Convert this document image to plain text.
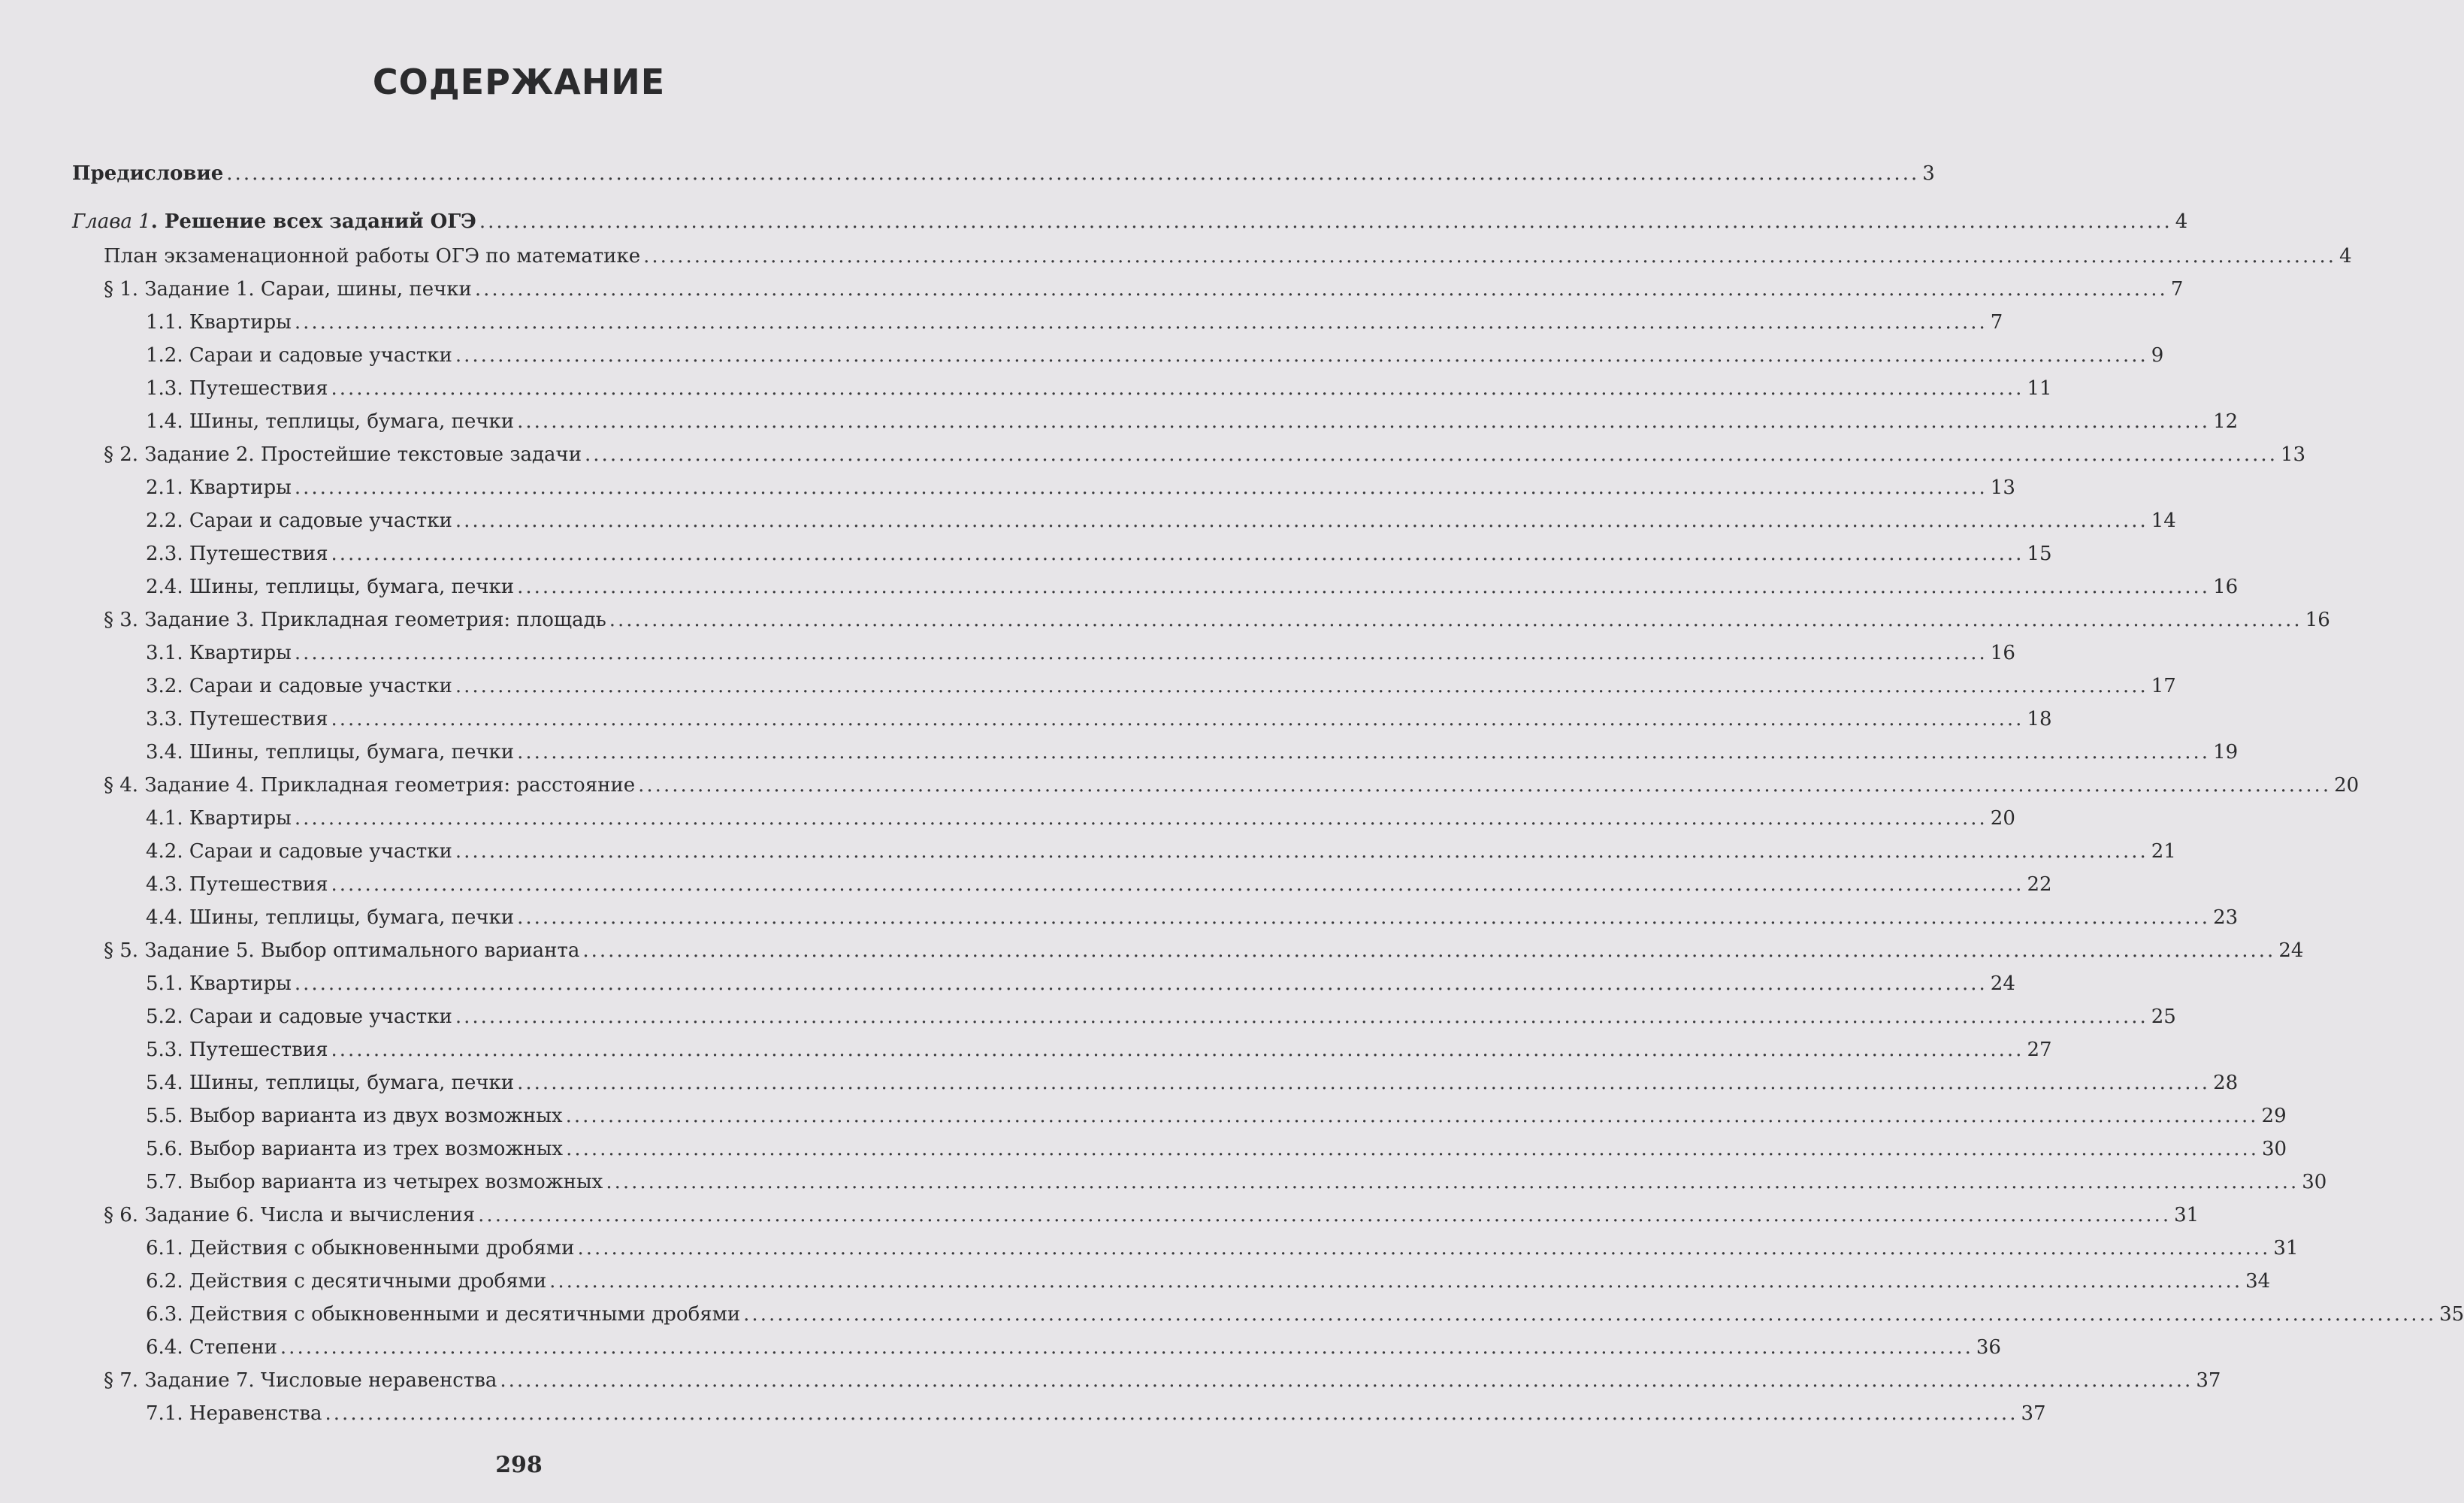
СОДЕРЖАНИЕ
Предисловие .....	3
Глава 1. Решение всех заданий ОГЭ .....	4
План экзаменационной работы ОГЭ по математике .....	4
§ 1. Задание 1. Сараи, шины, печки .....	7
1.1. Квартиры .....	7
1.2. Сараи и садовые участки .....	9
1.3. Путешествия .....	11
1.4. Шины, теплицы, бумага, печки .....	12
§ 2. Задание 2. Простейшие текстовые задачи .....	13
2.1. Квартиры .....	13
2.2. Сараи и садовые участки .....	14
2.3. Путешествия .....	15
2.4. Шины, теплицы, бумага, печки .....	16
§ 3. Задание 3. Прикладная геометрия: площадь .....	16
3.1. Квартиры .....	16
3.2. Сараи и садовые участки .....	17
3.3. Путешествия .....	18
3.4. Шины, теплицы, бумага, печки .....	19
§ 4. Задание 4. Прикладная геометрия: расстояние .....	20
4.1. Квартиры .....	20
4.2. Сараи и садовые участки .....	21
4.3. Путешествия .....	22
4.4. Шины, теплицы, бумага, печки .....	23
§ 5. Задание 5. Выбор оптимального варианта .....	24
5.1. Квартиры .....	24
5.2. Сараи и садовые участки .....	25
5.3. Путешествия .....	27
5.4. Шины, теплицы, бумага, печки .....	28
5.5. Выбор варианта из двух возможных .....	29
5.6. Выбор варианта из трех возможных .....	30
5.7. Выбор варианта из четырех возможных .....	30
§ 6. Задание 6. Числа и вычисления .....	31
6.1. Действия с обыкновенными дробями .....	31
6.2. Действия с десятичными дробями .....	34
6.3. Действия с обыкновенными и десятичными дробями .....	35
6.4. Степени .....	36
§ 7. Задание 7. Числовые неравенства .....	37
7.1. Неравенства .....	37
298
